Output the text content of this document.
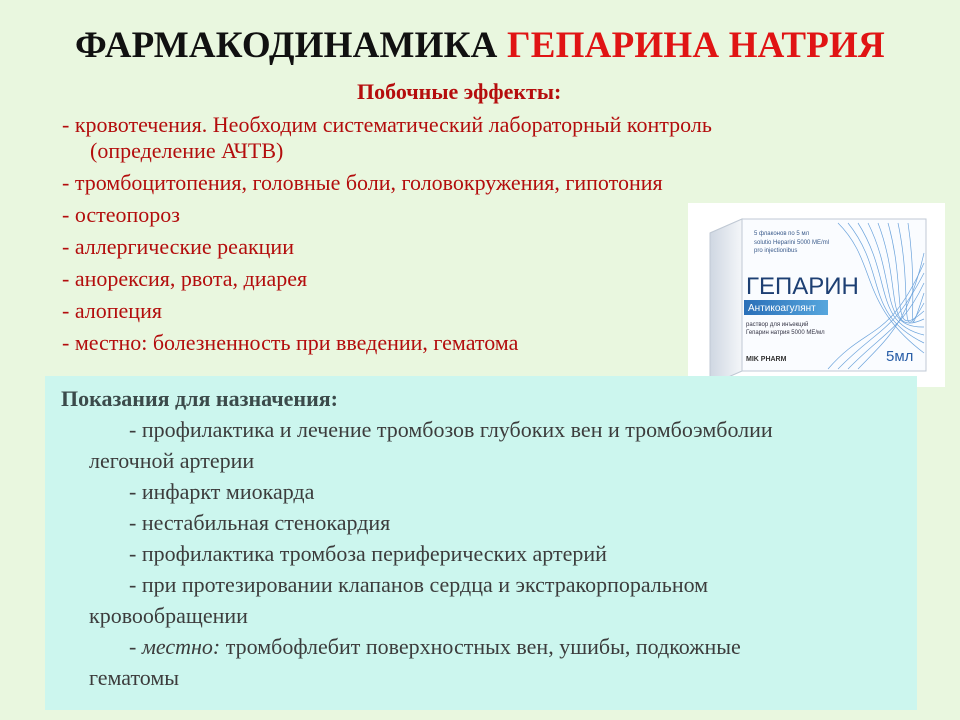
ФАРМАКОДИНАМИКА ГЕПАРИНА НАТРИЯ
Побочные эффекты:
- кровотечения. Необходим систематический лабораторный контроль
(определение АЧТВ)
- тромбоцитопения, головные боли, головокружения, гипотония
- остеопороз
- аллергические реакции
- анорексия, рвота, диарея
- алопеция
- местно: болезненность при введении, гематома
5 флаконов по 5 мл
solutio Heparini 5000 ME/ml
pro injectionibus
ГЕПАРИН
Антикоагулянт
раствор для инъекций
Гепарин натрия 5000 МЕ/мл
MIK PHARM	5мл
Показания для назначения:
- профилактика и лечение тромбозов глубоких вен и тромбоэмболии
легочной артерии
- инфаркт миокарда
- нестабильная стенокардия
- профилактика тромбоза периферических артерий
- при протезировании клапанов сердца и экстракорпоральном
кровообращении
- местно: тромбофлебит поверхностных вен, ушибы, подкожные
гематомы
